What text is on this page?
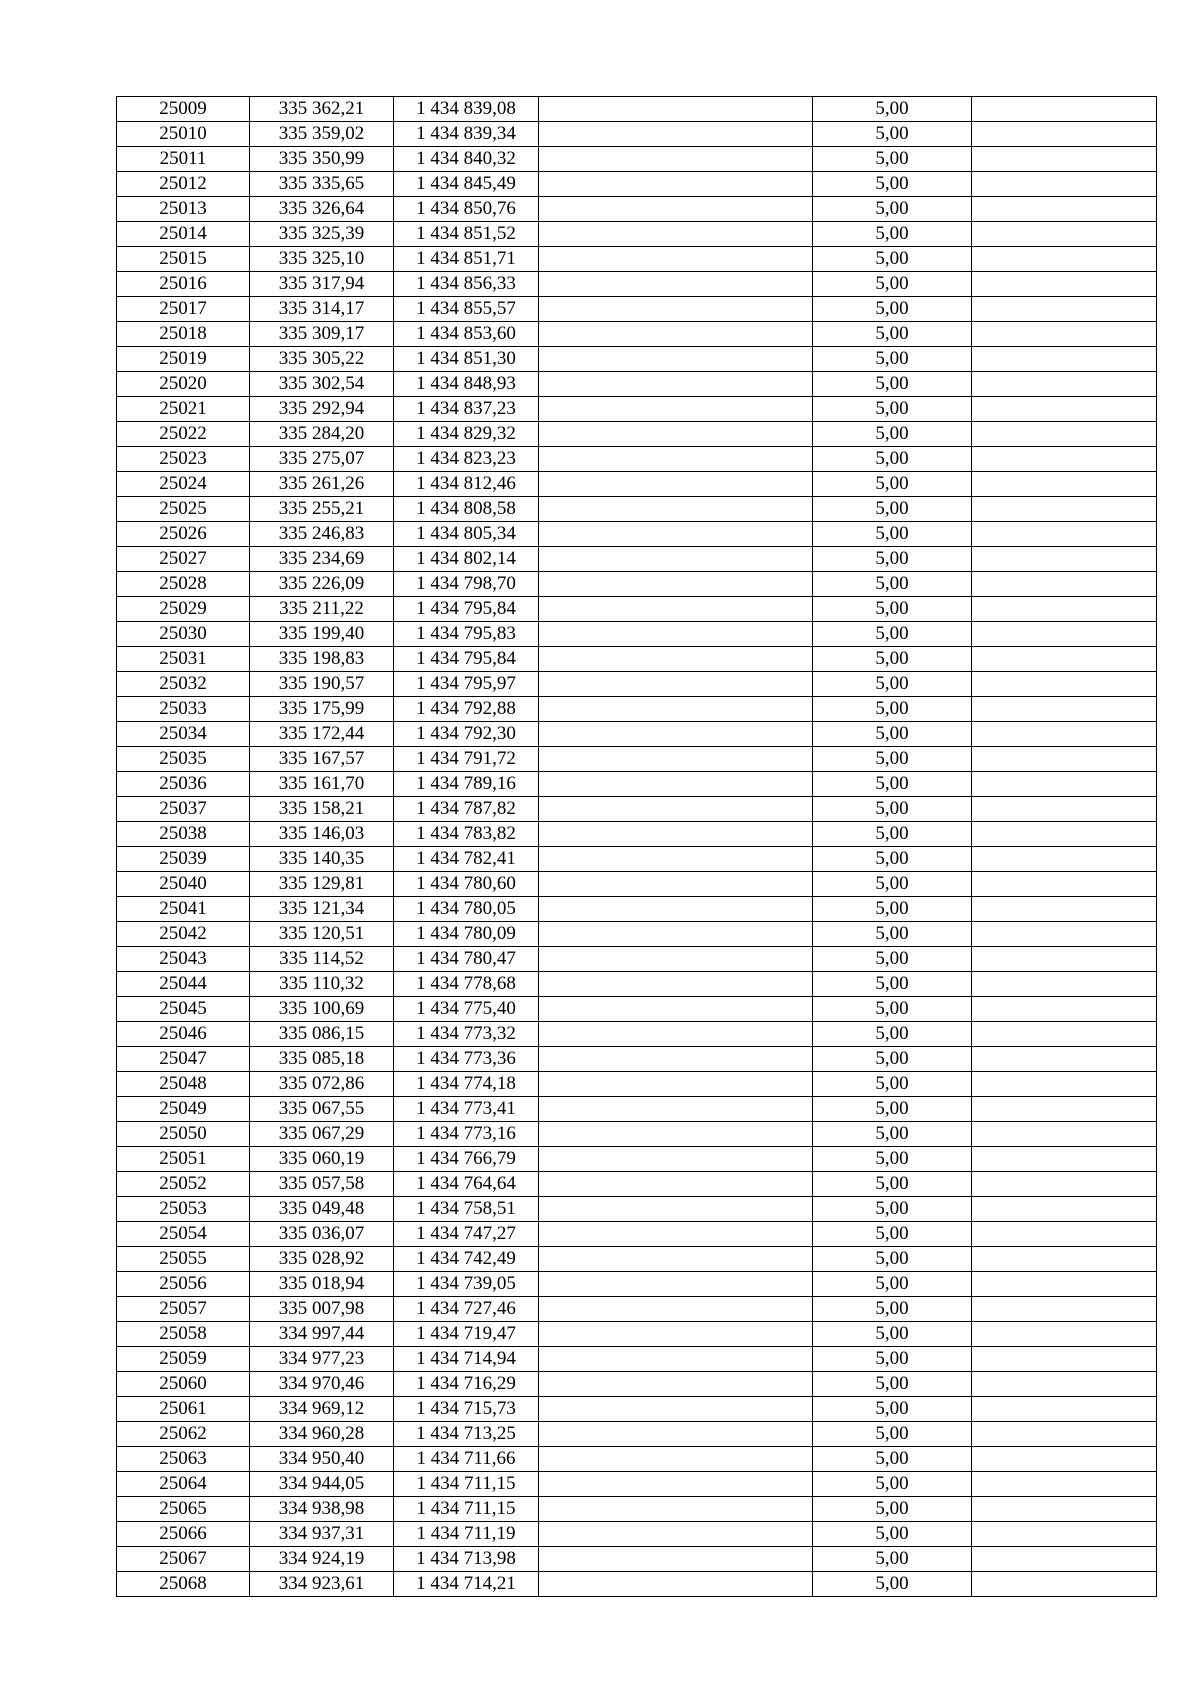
25009	335 362,21	1 434 839,08		5,00	
25010	335 359,02	1 434 839,34		5,00	
25011	335 350,99	1 434 840,32		5,00	
25012	335 335,65	1 434 845,49		5,00	
25013	335 326,64	1 434 850,76		5,00	
25014	335 325,39	1 434 851,52		5,00	
25015	335 325,10	1 434 851,71		5,00	
25016	335 317,94	1 434 856,33		5,00	
25017	335 314,17	1 434 855,57		5,00	
25018	335 309,17	1 434 853,60		5,00	
25019	335 305,22	1 434 851,30		5,00	
25020	335 302,54	1 434 848,93		5,00	
25021	335 292,94	1 434 837,23		5,00	
25022	335 284,20	1 434 829,32		5,00	
25023	335 275,07	1 434 823,23		5,00	
25024	335 261,26	1 434 812,46		5,00	
25025	335 255,21	1 434 808,58		5,00	
25026	335 246,83	1 434 805,34		5,00	
25027	335 234,69	1 434 802,14		5,00	
25028	335 226,09	1 434 798,70		5,00	
25029	335 211,22	1 434 795,84		5,00	
25030	335 199,40	1 434 795,83		5,00	
25031	335 198,83	1 434 795,84		5,00	
25032	335 190,57	1 434 795,97		5,00	
25033	335 175,99	1 434 792,88		5,00	
25034	335 172,44	1 434 792,30		5,00	
25035	335 167,57	1 434 791,72		5,00	
25036	335 161,70	1 434 789,16		5,00	
25037	335 158,21	1 434 787,82		5,00	
25038	335 146,03	1 434 783,82		5,00	
25039	335 140,35	1 434 782,41		5,00	
25040	335 129,81	1 434 780,60		5,00	
25041	335 121,34	1 434 780,05		5,00	
25042	335 120,51	1 434 780,09		5,00	
25043	335 114,52	1 434 780,47		5,00	
25044	335 110,32	1 434 778,68		5,00	
25045	335 100,69	1 434 775,40		5,00	
25046	335 086,15	1 434 773,32		5,00	
25047	335 085,18	1 434 773,36		5,00	
25048	335 072,86	1 434 774,18		5,00	
25049	335 067,55	1 434 773,41		5,00	
25050	335 067,29	1 434 773,16		5,00	
25051	335 060,19	1 434 766,79		5,00	
25052	335 057,58	1 434 764,64		5,00	
25053	335 049,48	1 434 758,51		5,00	
25054	335 036,07	1 434 747,27		5,00	
25055	335 028,92	1 434 742,49		5,00	
25056	335 018,94	1 434 739,05		5,00	
25057	335 007,98	1 434 727,46		5,00	
25058	334 997,44	1 434 719,47		5,00	
25059	334 977,23	1 434 714,94		5,00	
25060	334 970,46	1 434 716,29		5,00	
25061	334 969,12	1 434 715,73		5,00	
25062	334 960,28	1 434 713,25		5,00	
25063	334 950,40	1 434 711,66		5,00	
25064	334 944,05	1 434 711,15		5,00	
25065	334 938,98	1 434 711,15		5,00	
25066	334 937,31	1 434 711,19		5,00	
25067	334 924,19	1 434 713,98		5,00	
25068	334 923,61	1 434 714,21		5,00	
